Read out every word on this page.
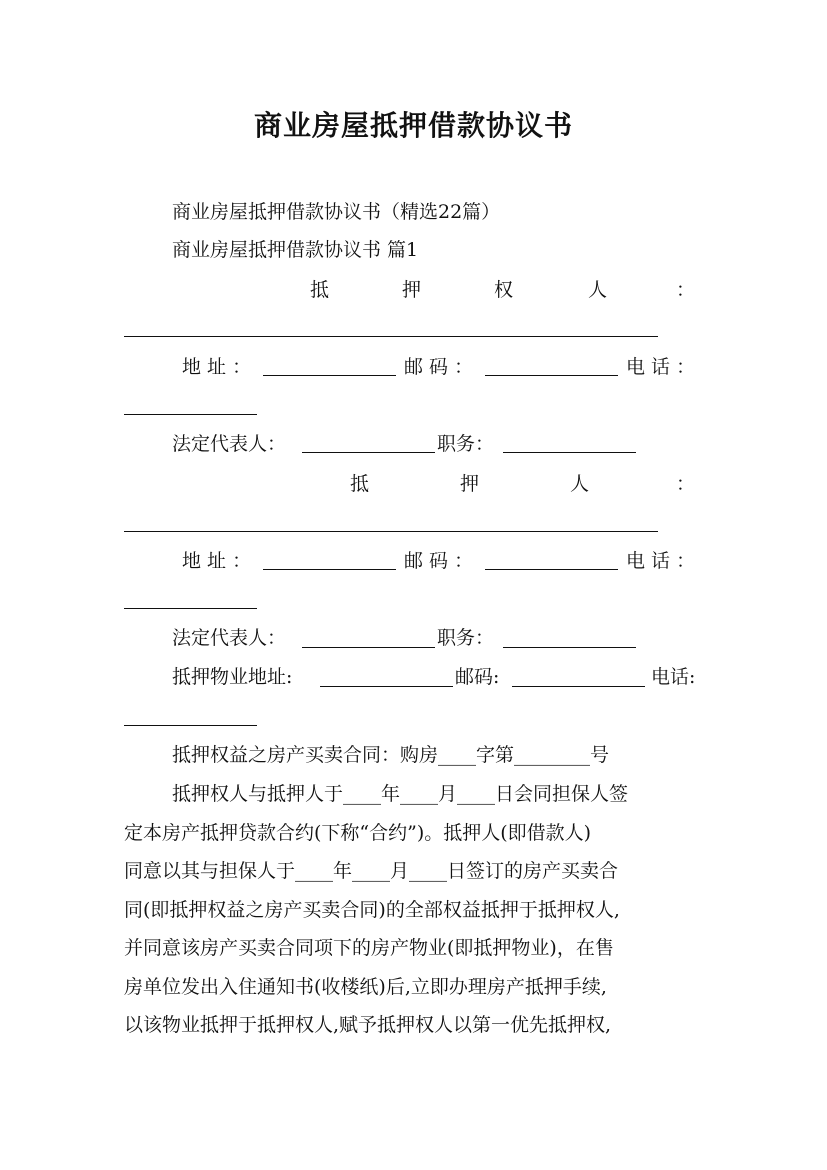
商业房屋抵押借款协议书
商业房屋抵押借款协议书（精选22篇）
商业房屋抵押借款协议书 篇1
抵	押	权	人	：
地 址 ：	邮 码 ：	电 话 ：
法定代表人：	职务：
抵	押	人	：
地 址 ：	邮 码 ：	电 话 ：
法定代表人：	职务：
抵押物业地址:	邮码:	电话:
抵押权益之房产买卖合同：购房____字第________号
抵押权人与抵押人于____年____月____日会同担保人签
定本房产抵押贷款合约(下称“合约”)。抵押人(即借款人)
同意以其与担保人于____年____月____日签订的房产买卖合
同(即抵押权益之房产买卖合同)的全部权益抵押于抵押权人,
并同意该房产买卖合同项下的房产物业(即抵押物业)，在售
房单位发出入住通知书(收楼纸)后,立即办理房产抵押手续,
以该物业抵押于抵押权人,赋予抵押权人以第一优先抵押权,
